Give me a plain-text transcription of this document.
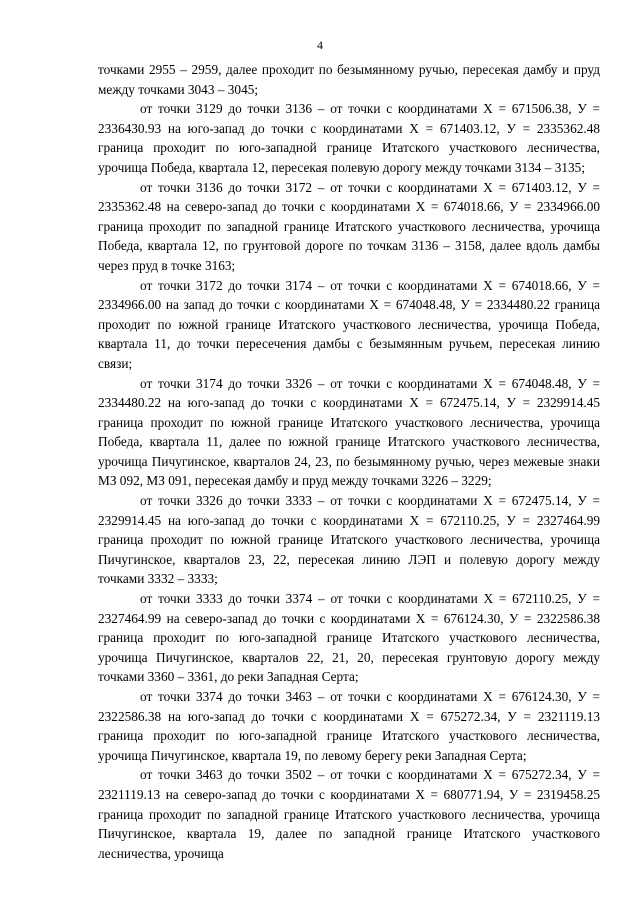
4

точками 2955 – 2959, далее проходит по безымянному ручью, пересекая дамбу и пруд между точками 3043 – 3045;

от точки 3129 до точки 3136 – от точки с координатами X = 671506.38, У = 2336430.93 на юго-запад до точки с координатами X = 671403.12, У = 2335362.48 граница проходит по юго-западной границе Итатского участкового лесничества, урочища Победа, квартала 12, пересекая полевую дорогу между точками 3134 – 3135;

от точки 3136 до точки 3172 – от точки с координатами X = 671403.12, У = 2335362.48 на северо-запад до точки с координатами X = 674018.66, У = 2334966.00 граница проходит по западной границе Итатского участкового лесничества, урочища Победа, квартала 12, по грунтовой дороге по точкам 3136 – 3158, далее вдоль дамбы через пруд в точке 3163;

от точки 3172 до точки 3174 – от точки с координатами X = 674018.66, У = 2334966.00 на запад до точки с координатами X = 674048.48, У = 2334480.22 граница проходит по южной границе Итатского участкового лесничества, урочища Победа, квартала 11, до точки пересечения дамбы с безымянным ручьем, пересекая линию связи;

от точки 3174 до точки 3326 – от точки с координатами X = 674048.48, У = 2334480.22 на юго-запад до точки с координатами X = 672475.14, У = 2329914.45 граница проходит по южной границе Итатского участкового лесничества, урочища Победа, квартала 11, далее по южной границе Итатского участкового лесничества, урочища Пичугинское, кварталов 24, 23, по безымянному ручью, через межевые знаки МЗ 092, МЗ 091, пересекая дамбу и пруд между точками 3226 – 3229;

от точки 3326 до точки 3333 – от точки с координатами X = 672475.14, У = 2329914.45 на юго-запад до точки с координатами X = 672110.25, У = 2327464.99 граница проходит по южной границе Итатского участкового лесничества, урочища Пичугинское, кварталов 23, 22, пересекая линию ЛЭП и полевую дорогу между точками 3332 – 3333;

от точки 3333 до точки 3374 – от точки с координатами X = 672110.25, У = 2327464.99 на северо-запад до точки с координатами X = 676124.30, У = 2322586.38 граница проходит по юго-западной границе Итатского участкового лесничества, урочища Пичугинское, кварталов 22, 21, 20, пересекая грунтовую дорогу между точками 3360 – 3361, до реки Западная Серта;

от точки 3374 до точки 3463 – от точки с координатами X = 676124.30, У = 2322586.38 на юго-запад до точки с координатами X = 675272.34, У = 2321119.13 граница проходит по юго-западной границе Итатского участкового лесничества, урочища Пичугинское, квартала 19, по левому берегу реки Западная Серта;

от точки 3463 до точки 3502 – от точки с координатами X = 675272.34, У = 2321119.13 на северо-запад до точки с координатами X = 680771.94, У = 2319458.25 граница проходит по западной границе Итатского участкового лесничества, урочища Пичугинское, квартала 19, далее по западной границе Итатского участкового лесничества, урочища
